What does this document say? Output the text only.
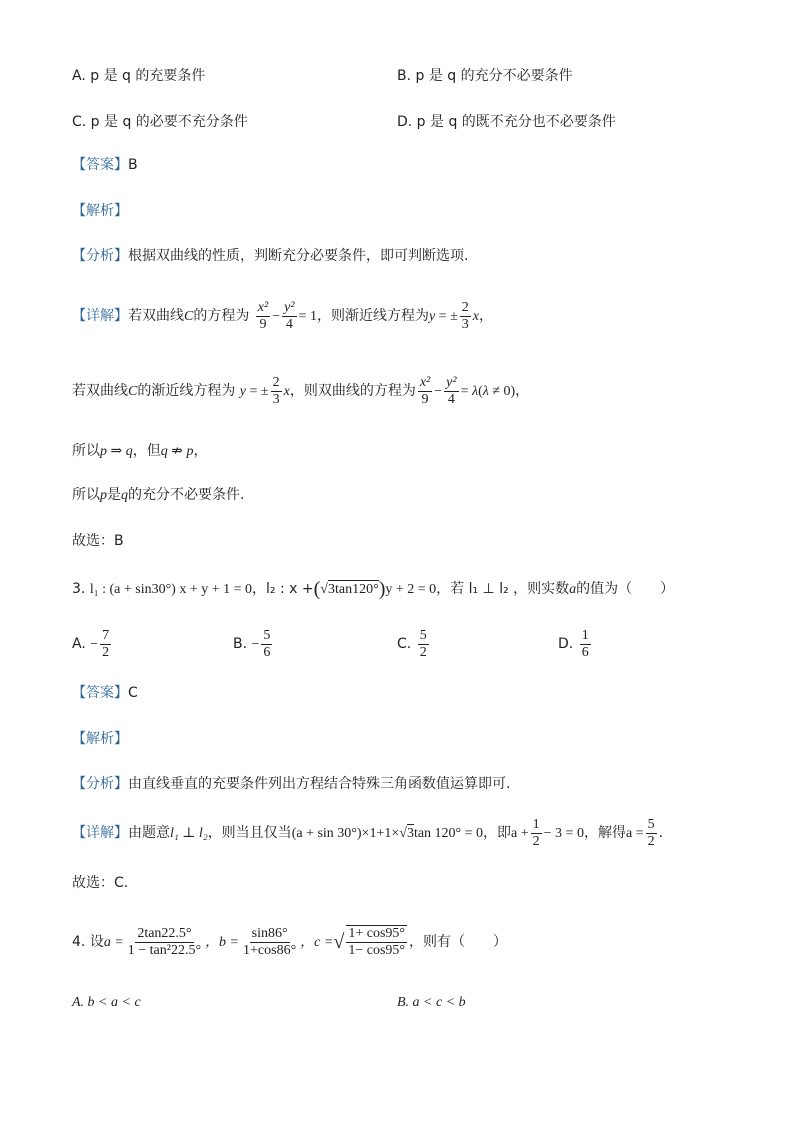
A. p 是 q 的充要条件	B. p 是 q 的充分不必要条件
C. p 是 q 的必要不充分条件	D. p 是 q 的既不充分也不必要条件
【答案】B
【解析】
【分析】根据双曲线的性质，判断充分必要条件，即可判断选项.
【详解】若双曲线C的方程为 $\frac{\text{x²}}{9} - \frac{\text{y²}}{4} = 1$，则渐近线方程为y = ± $\frac{2}{3}$ x，
若双曲线C的渐近线方程为 y = ± $\frac{2}{3}$ x，则双曲线的方程为 $\frac{\text{x²}}{9} - \frac{\text{y²}}{4} = \lambda(\lambda \ne 0)$，
所以p ⇒ q，但q ⇏ p，
所以p是q的充分不必要条件.
故选：B
3. l₁ : (a + sin30°) x + y + 1 = 0，l₂ : x +(√3tan120°)y + 2 = 0，若 l₁ ⊥ l₂ ，则实数a的值为（　　）
A. − $\frac{7}{2}$	B. − $\frac{5}{6}$	C. $\frac{5}{2}$	D. $\frac{1}{6}$
【答案】C
【解析】
【分析】由直线垂直的充要条件列出方程结合特殊三角函数值运算即可.
【详解】由题意l₁ ⊥ l₂，则当且仅当(a + sin 30°)×1+1×√3tan 120° = 0，即$a + \frac{1}{2} - 3 = 0$，解得$a = \frac{5}{2}$ .
故选：C.
4. 设$a = \frac{2\tan 22.5^\circ}{\text{1 − tan²22.5°}}$ ，$b = \frac{\sin 86^\circ}{1+\cos 86^\circ}$ ，c =√ $\frac{1+ \cos 95^\circ}{1- \cos 95^\circ}$ ，则有（　　）
A. b < a < c	B. a < c < b
